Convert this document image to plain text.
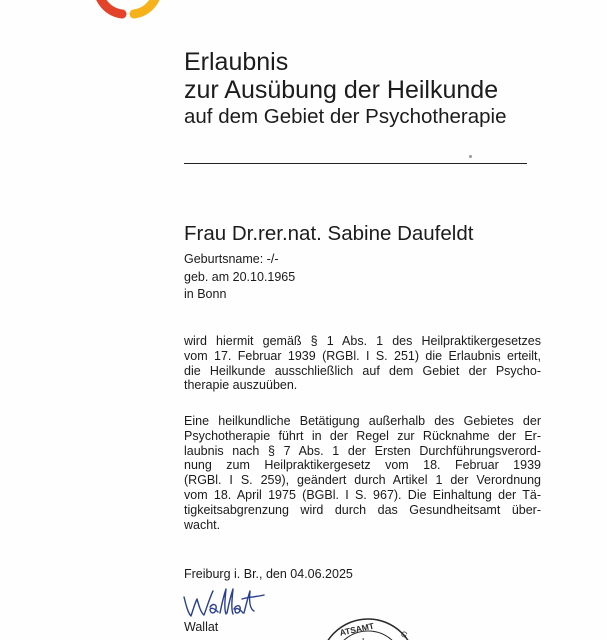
Erlaubnis
zur Ausübung der Heilkunde
auf dem Gebiet der Psychotherapie
Frau Dr.rer.nat. Sabine Daufeldt
Geburtsname: -/-
geb. am 20.10.1965
in Bonn
wird hiermit gemäß § 1 Abs. 1 des Heilpraktikergesetzes
vom 17. Februar 1939 (RGBl. I S. 251) die Erlaubnis erteilt,
die Heilkunde ausschließlich auf dem Gebiet der Psycho-
therapie auszuüben.
Eine heilkundliche Betätigung außerhalb des Gebietes der
Psychotherapie führt in der Regel zur Rücknahme der Er-
laubnis nach § 7 Abs. 1 der Ersten Durchführungsverord-
nung zum Heilpraktikergesetz vom 18. Februar 1939
(RGBl. I S. 259), geändert durch Artikel 1 der Verordnung
vom 18. April 1975 (BGBl. I S. 967). Die Einhaltung der Tä-
tigkeitsabgrenzung wird durch das Gesundheitsamt über-
wacht.
Freiburg i. Br., den 04.06.2025
Wallat	ATSAMT	G
